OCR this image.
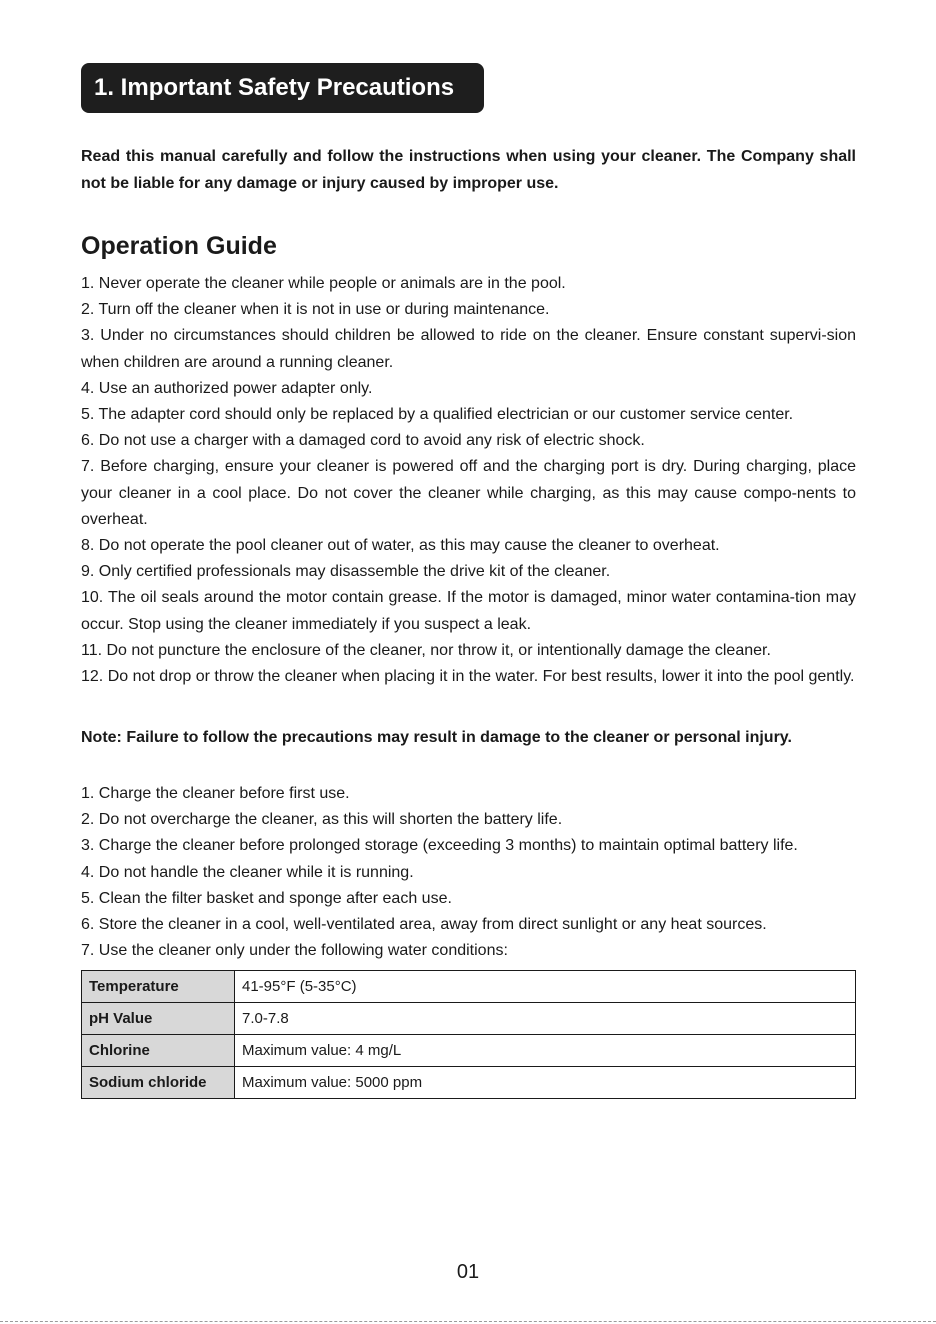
1. Important Safety Precautions

Read this manual carefully and follow the instructions when using your cleaner. The Company shall not be liable for any damage or injury caused by improper use.

Operation Guide
1. Never operate the cleaner while people or animals are in the pool.
2. Turn off the cleaner when it is not in use or during maintenance.
3. Under no circumstances should children be allowed to ride on the cleaner. Ensure constant supervi-sion when children are around a running cleaner.
4. Use an authorized power adapter only.
5. The adapter cord should only be replaced by a qualified electrician or our customer service center.
6. Do not use a charger with a damaged cord to avoid any risk of electric shock.
7. Before charging, ensure your cleaner is powered off and the charging port is dry. During charging, place your cleaner in a cool place. Do not cover the cleaner while charging, as this may cause compo-nents to overheat.
8. Do not operate the pool cleaner out of water, as this may cause the cleaner to overheat.
9. Only certified professionals may disassemble the drive kit of the cleaner.
10. The oil seals around the motor contain grease. If the motor is damaged, minor water contamina-tion may occur. Stop using the cleaner immediately if you suspect a leak.
11. Do not puncture the enclosure of the cleaner, nor throw it, or intentionally damage the cleaner.
12. Do not drop or throw the cleaner when placing it in the water. For best results, lower it into the pool gently.

Note: Failure to follow the precautions may result in damage to the cleaner or personal injury.

1. Charge the cleaner before first use.
2. Do not overcharge the cleaner, as this will shorten the battery life.
3. Charge the cleaner before prolonged storage (exceeding 3 months) to maintain optimal battery life.
4. Do not handle the cleaner while it is running.
5. Clean the filter basket and sponge after each use.
6. Store the cleaner in a cool, well-ventilated area, away from direct sunlight or any heat sources.
7. Use the cleaner only under the following water conditions:
Temperature	41-95°F (5-35°C)
pH Value	7.0-7.8
Chlorine	Maximum value: 4 mg/L
Sodium chloride	Maximum value: 5000 ppm
01
